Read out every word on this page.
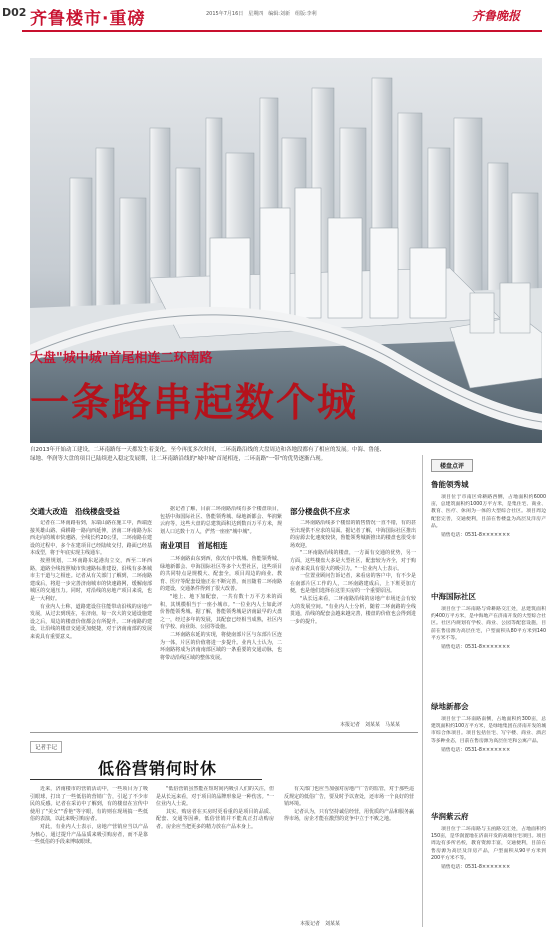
D02 齐鲁楼市·重磅	2015年7月16日　星期四　编辑:刘新　组版:李利	齐鲁晚报
大盘"城中城"首尾相连二环南路
一条路串起数个城
自2013年开始动工建设，二环南路每一天都发生着变化，至今再度多次时间，二环南路沿线的大盘周边和各地段都有了相应的发展。中海、鲁能、绿地、华润等大盘的项目已陆续进入稳定发展期，让二环南路沿线的"城中城"首尾相连，二环南路"一带"的优势逐渐凸现。
交通大改造　沿线楼盘受益

记者在二环南路看到，东端山路在施工中，西端连接英雄山路、舜耕路一路向西延伸，济南二环南路为东西走向的城市快速路，全线长约20公里，二环南路在建设的过程中，多个在建项目已经陆续交付，路面已经基本成型，将于年底实现主线通车。

按照规划，二环南路东起港沟立交，西至二环西路，道路全线按照城市快速路标准建设，沿线有多条城市主干道与之相连。记者从有关部门了解到，二环南路建成后，将进一步完善济南城市的快速路网，缓解南部城区的交通压力。同时，对沿线的房地产项目来说，也是一大利好。

有业内人士称，道路建设往往能带动沿线的房地产发展，从过去到现在，在济南，每一次大的交通设施建设之后，周边的楼盘价值都会有所提升。二环南路的建设，让沿线的楼盘交通更加便捷，对于济南南部的发展来说具有重要意义。

据记者了解，目前二环南路沿线有多个楼盘项目，包括中海国际社区、鲁能领秀城、绿地新都会、华润紫云府等，这些大盘的总建筑面积达到数百万平方米，规划人口达数十万人，俨然一座座"城中城"。

南业项目　首尾相连

二环南路由东到西，依次有中铁城、鲁能领秀城、绿地新都会、中海国际社区等多个大型社区，这些项目的共同特点是规模大、配套全，项目周边的商业、教育、医疗等配套设施正在不断完善，而且随着二环南路的建设，交通条件得到了很大改善。

"地上、地下加配套，一共有数十万平方米的面积，其规模相当于一座小城市。"一位业内人士如此评价鲁能领秀城。据了解，鲁能领秀城是济南最早的大盘之一，经过多年的发展，其配套已经相当成熟，社区内有学校、商业街、公园等设施。

二环南路东延的实现，将使南部片区与东部片区连为一体，片区的价值将进一步提升。业内人士认为，二环南路将成为济南南部区域的一条重要的交通动脉，也将带动沿线区域的整体发展。

部分楼盘供不应求

二环南路沿线多个楼盘的销售情况一直不错，有的甚至出现供不应求的局面。据记者了解，中海国际社区推出的房源去化速度较快，鲁能领秀城新推出的楼盘也很受市场欢迎。

"二环南路沿线的楼盘，一方面有交通的优势，另一方面，这些楼盘大多是大型社区，配套较为齐全，对于购房者来说具有很大的吸引力。"一位业内人士表示。

一位置业顾问告诉记者，来看房的客户中，有不少是在南部片区工作的人，二环南路建成后，上下班更加方便，也是他们选择在这里买房的一个重要原因。

"从长远来看，二环南路沿线的房地产市场还会有较大的发展空间。"有业内人士分析，随着二环南路的全线贯通，沿线的配套会越来越完善，楼盘的价值也会得到进一步的提升。

本报记者　刘某某　马某某
楼盘点评
鲁能领秀城

项目位于市南区舜耕路西侧，占地面积约6000亩，总建筑面积约1000万平方米，是集住宅、商业、教育、医疗、休闲为一体的大型综合社区。项目周边配套完善，交通便利，目前在售楼盘为高层及洋房产品。

销售电话：0531-8×××××××
中海国际社区

项目位于二环南路与舜耕路交汇处，总建筑面积约400万平方米，是中海地产在济南开发的大型综合社区。社区内规划有学校、商业、公园等配套设施，目前在售房源为高层住宅，户型面积从80平方米到140平方米不等。

销售电话：0531-8×××××××
绿地新都会

项目位于二环南路南侧，占地面积约300亩，总建筑面积约100万平方米，是绿地集团在济南开发的城市综合体项目。项目包括住宅、写字楼、商业、酒店等多种业态，目前在售房源为高层住宅和公寓产品。

销售电话：0531-8×××××××
华润紫云府

项目位于二环南路与玉函路交汇处，占地面积约150亩，是华润置地在济南开发的高端住宅项目。项目周边有多所名校，教育资源丰富，交通便利，目前在售房源为高层及洋房产品，户型面积从90平方米到200平方米不等。

销售电话：0531-8×××××××
记者手记
低俗营销何时休

近来，济南楼市的营销活动中，一些项目为了吸引眼球，打出了一些低俗的营销广告，引起了不少市民的反感。记者在采访中了解到，有的楼盘在宣传中使用了"美女""香艳"等字眼，有的则在现场搞一些低俗的表演，以此来吸引购房者。

对此，有业内人士表示，房地产营销应当以产品为核心，通过提升产品品质来吸引购房者，而不是靠一些低俗的手段来博取眼球。

"低俗营销虽然能在短时间内吸引人们的关注，但是从长远来看，对于项目的品牌形象是一种伤害。"一位业内人士说。

其实，购房者在买房时更看重的是项目的品质、配套、交通等因素，低俗营销并不能真正打动购房者。房企应当把更多的精力放在产品本身上。

有关部门也应当加强对房地产广告的监管，对于那些违反规定的低俗广告，要及时予以查处，还市场一个良好的营销环境。

记者认为，只有坚持诚信经营，用优质的产品和服务赢得市场，房企才能在激烈的竞争中立于不败之地。

本报记者　刘某某
